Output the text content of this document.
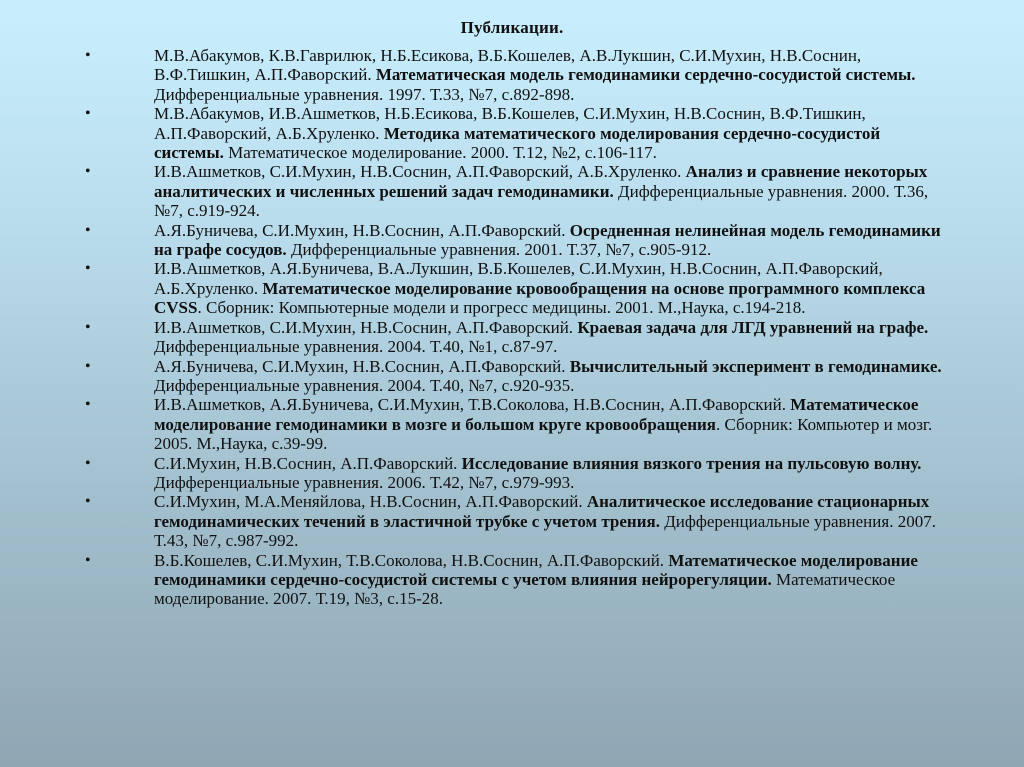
Публикации.
•	М.В.Абакумов, К.В.Гаврилюк, Н.Б.Есикова, В.Б.Кошелев, А.В.Лукшин, С.И.Мухин, Н.В.Соснин, В.Ф.Тишкин, А.П.Фаворский. Математическая модель гемодинамики сердечно-сосудистой системы. Дифференциальные уравнения. 1997. Т.33, №7, с.892-898.
•	М.В.Абакумов, И.В.Ашметков, Н.Б.Есикова, В.Б.Кошелев, С.И.Мухин, Н.В.Соснин, В.Ф.Тишкин, А.П.Фаворский, А.Б.Хруленко. Методика математического моделирования сердечно-сосудистой системы. Математическое моделирование. 2000. Т.12, №2, с.106-117.
•	И.В.Ашметков, С.И.Мухин, Н.В.Соснин, А.П.Фаворский, А.Б.Хруленко. Анализ и сравнение некоторых аналитических и численных решений задач гемодинамики. Дифференциальные уравнения. 2000. Т.36, №7, с.919-924.
•	А.Я.Буничева, С.И.Мухин, Н.В.Соснин, А.П.Фаворский. Осредненная нелинейная модель гемодинамики на графе сосудов. Дифференциальные уравнения. 2001. Т.37, №7, с.905-912.
•	И.В.Ашметков, А.Я.Буничева, В.А.Лукшин, В.Б.Кошелев, С.И.Мухин, Н.В.Соснин, А.П.Фаворский, А.Б.Хруленко. Математическое моделирование кровообращения на основе программного комплекса CVSS. Сборник: Компьютерные модели и прогресс медицины. 2001. М.,Наука, с.194-218.
•	И.В.Ашметков, С.И.Мухин, Н.В.Соснин, А.П.Фаворский. Краевая задача для ЛГД уравнений на графе. Дифференциальные уравнения. 2004. Т.40, №1, с.87-97.
•	А.Я.Буничева, С.И.Мухин, Н.В.Соснин, А.П.Фаворский. Вычислительный эксперимент в гемодинамике. Дифференциальные уравнения. 2004. Т.40, №7, с.920-935.
•	И.В.Ашметков, А.Я.Буничева, С.И.Мухин, Т.В.Соколова, Н.В.Соснин, А.П.Фаворский. Математическое моделирование гемодинамики в мозге и большом круге кровообращения. Сборник: Компьютер и мозг. 2005. М.,Наука, с.39-99.
•	С.И.Мухин, Н.В.Соснин, А.П.Фаворский. Исследование влияния вязкого трения на пульсовую волну. Дифференциальные уравнения. 2006. Т.42, №7, с.979-993.
•	С.И.Мухин, М.А.Меняйлова, Н.В.Соснин, А.П.Фаворский. Аналитическое исследование стационарных гемодинамических течений в эластичной трубке с учетом трения. Дифференциальные уравнения. 2007. Т.43, №7, с.987-992.
•	В.Б.Кошелев, С.И.Мухин, Т.В.Соколова, Н.В.Соснин, А.П.Фаворский. Математическое моделирование гемодинамики сердечно-сосудистой системы с учетом влияния нейрорегуляции. Математическое моделирование. 2007. Т.19, №3, с.15-28.
